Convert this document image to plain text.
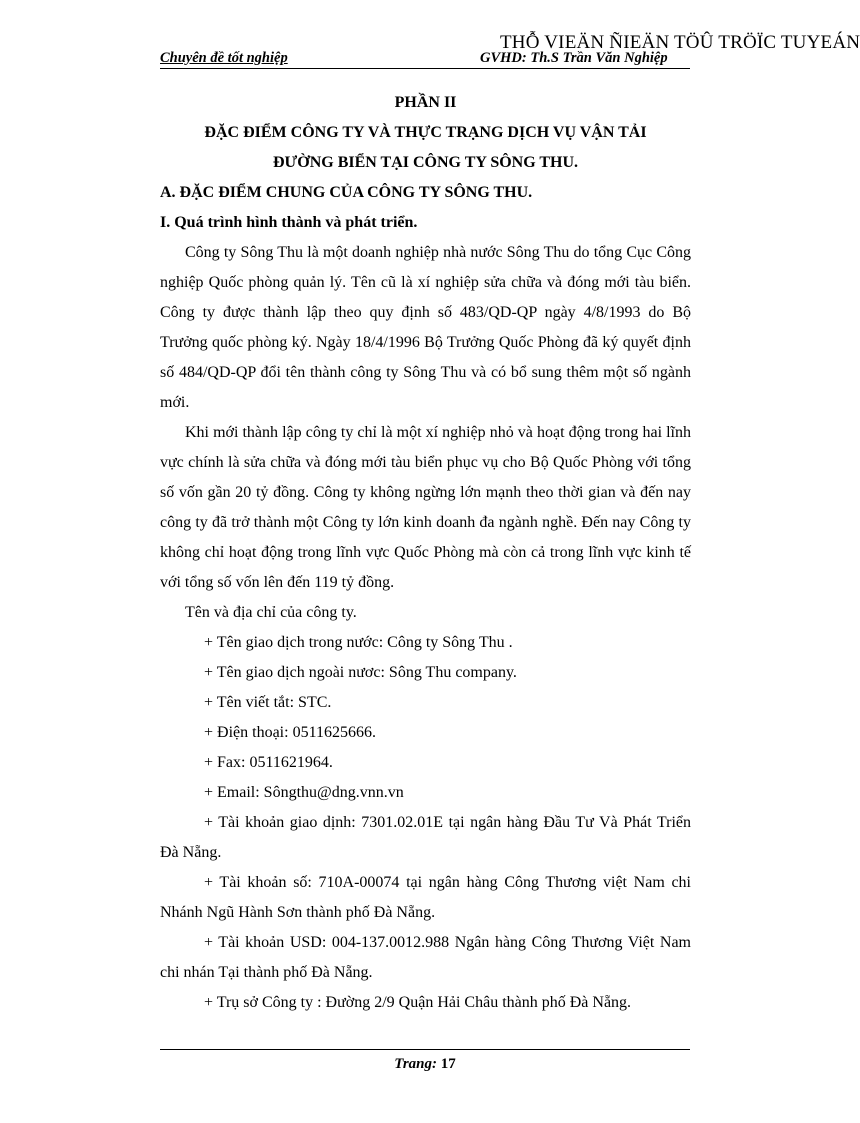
THỖ VIEÄN ÑIEÄN TÖÛ TRÖÏC TUYEÁN
Chuyên đề tốt nghiệp	GVHD: Th.S Trần Văn Nghiệp
PHẦN II
ĐẶC ĐIỂM CÔNG TY VÀ THỰC TRẠNG DỊCH VỤ VẬN TẢI
ĐƯỜNG BIỂN TẠI CÔNG TY SÔNG THU.
A. ĐẶC ĐIỂM CHUNG CỦA CÔNG TY SÔNG THU.
I. Quá trình hình thành và phát triển.
Công ty Sông Thu là một doanh nghiệp nhà nước Sông Thu do tổng Cục Công nghiệp Quốc phòng quản lý. Tên cũ là xí nghiệp sửa chữa và đóng mới tàu biển. Công ty được thành lập theo quy định số 483/QD-QP ngày 4/8/1993 do Bộ Trưởng quốc phòng ký. Ngày 18/4/1996 Bộ Trưởng Quốc Phòng đã ký quyết định số 484/QD-QP đổi tên thành công ty Sông Thu và có bổ sung thêm một số ngành mới.
Khi mới thành lập công ty chỉ là một xí nghiệp nhỏ và hoạt động trong hai lĩnh vực chính là sửa chữa và đóng mới tàu biển phục vụ cho Bộ Quốc Phòng với tổng số vốn gần 20 tỷ đồng. Công ty không ngừng lớn mạnh theo thời gian và đến nay công ty đã trở thành một Công ty lớn kinh doanh đa ngành nghề. Đến nay Công ty không chỉ hoạt động trong lĩnh vực Quốc Phòng mà còn cả trong lĩnh vực kinh tế với tổng số vốn lên đến 119 tỷ đồng.
Tên và địa chỉ của công ty.
+ Tên giao dịch trong nước: Công ty Sông Thu .
+ Tên giao dịch ngoài nươc: Sông Thu company.
+ Tên viết tắt: STC.
+ Điện thoại: 0511625666.
+ Fax: 0511621964.
+ Email: Sôngthu@dng.vnn.vn
+ Tài khoản giao dịnh: 7301.02.01E tại ngân hàng Đầu Tư Và Phát Triển Đà Nẵng.
+ Tài khoản số: 710A-00074 tại ngân hàng Công Thương việt Nam chi Nhánh Ngũ Hành Sơn thành phố Đà Nẵng.
+ Tài khoản USD: 004-137.0012.988 Ngân hàng Công Thương Việt Nam chi nhán Tại thành phố Đà Nẵng.
+ Trụ sở Công ty : Đường 2/9 Quận Hải Châu thành phố Đà Nẵng.
Trang: 17
